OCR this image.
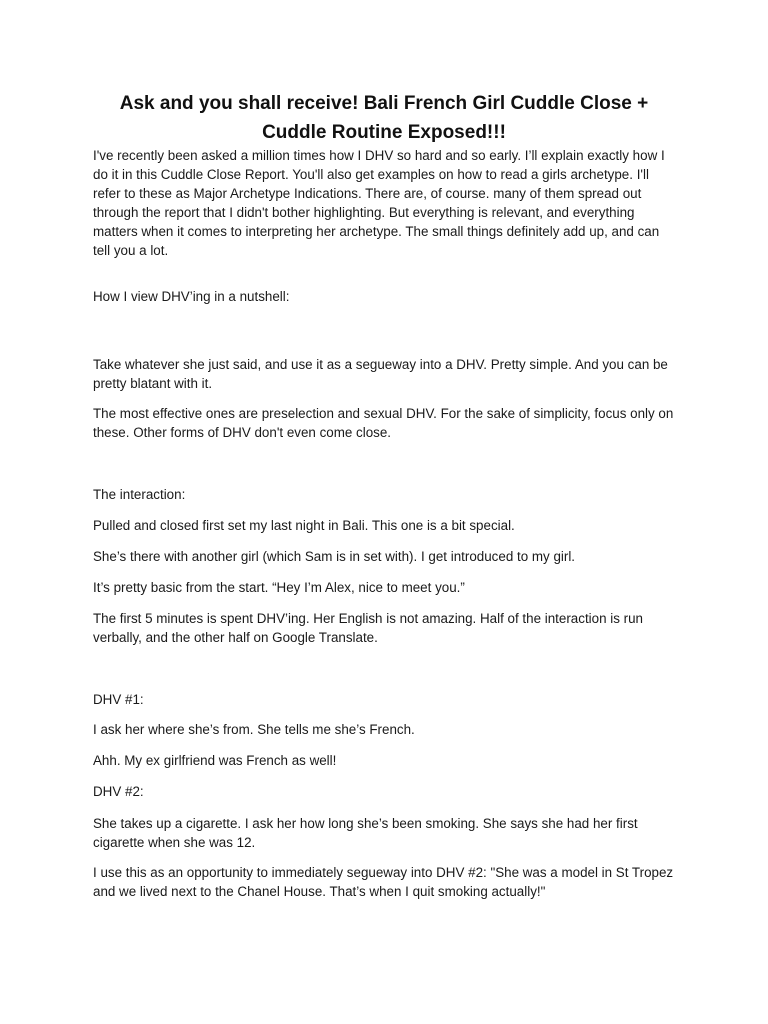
Ask and you shall receive! Bali French Girl Cuddle Close + Cuddle Routine Exposed!!!

I've recently been asked a million times how I DHV so hard and so early. I’ll explain exactly how I do it in this Cuddle Close Report. You'll also get examples on how to read a girls archetype. I'll refer to these as Major Archetype Indications. There are, of course. many of them spread out through the report that I didn't bother highlighting. But everything is relevant, and everything matters when it comes to interpreting her archetype. The small things definitely add up, and can tell you a lot.

How I view DHV’ing in a nutshell:

Take whatever she just said, and use it as a segueway into a DHV. Pretty simple. And you can be pretty blatant with it.

The most effective ones are preselection and sexual DHV. For the sake of simplicity, focus only on these. Other forms of DHV don't even come close.

The interaction:

Pulled and closed first set my last night in Bali. This one is a bit special.

She’s there with another girl (which Sam is in set with). I get introduced to my girl.

It’s pretty basic from the start. “Hey I’m Alex, nice to meet you.”

The first 5 minutes is spent DHV’ing. Her English is not amazing. Half of the interaction is run verbally, and the other half on Google Translate.

DHV #1:

I ask her where she’s from. She tells me she’s French.

Ahh. My ex girlfriend was French as well!

DHV #2:

She takes up a cigarette. I ask her how long she’s been smoking. She says she had her first cigarette when she was 12.

I use this as an opportunity to immediately segueway into DHV #2: "She was a model in St Tropez and we lived next to the Chanel House. That’s when I quit smoking actually!"
